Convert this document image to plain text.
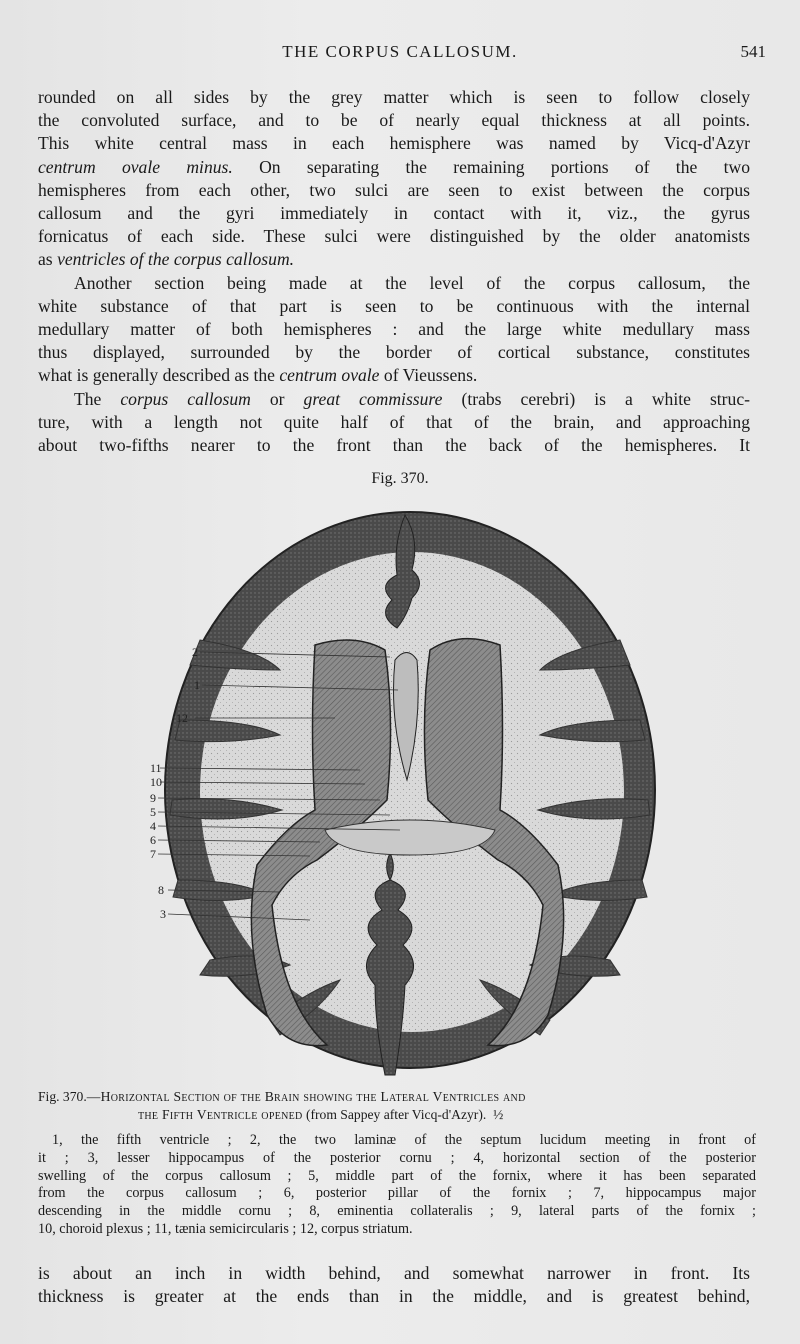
THE CORPUS CALLOSUM.	541

rounded on all sides by the grey matter which is seen to follow closely
the convoluted surface, and to be of nearly equal thickness at all points.
This white central mass in each hemisphere was named by Vicq-d'Azyr
centrum ovale minus. On separating the remaining portions of the two
hemispheres from each other, two sulci are seen to exist between the corpus
callosum and the gyri immediately in contact with it, viz., the gyrus
fornicatus of each side. These sulci were distinguished by the older anatomists
as ventricles of the corpus callosum.

Another section being made at the level of the corpus callosum, the
white substance of that part is seen to be continuous with the internal
medullary matter of both hemispheres : and the large white medullary mass
thus displayed, surrounded by the border of cortical substance, constitutes
what is generally described as the centrum ovale of Vieussens.

The corpus callosum or great commissure (trabs cerebri) is a white struc-
ture, with a length not quite half of that of the brain, and approaching
about two-fifths nearer to the front than the back of the hemispheres. It

Fig. 370.
2
1
12
11
10
9
5
4
6
7
8
3
Fig. 370.—Horizontal Section of the Brain showing the Lateral Ventricles and
the Fifth Ventricle opened (from Sappey after Vicq-d'Azyr). ½
1, the fifth ventricle ; 2, the two laminæ of the septum lucidum meeting in front of
it ; 3, lesser hippocampus of the posterior cornu ; 4, horizontal section of the posterior
swelling of the corpus callosum ; 5, middle part of the fornix, where it has been separated
from the corpus callosum ; 6, posterior pillar of the fornix ; 7, hippocampus major
descending in the middle cornu ; 8, eminentia collateralis ; 9, lateral parts of the fornix ;
10, choroid plexus ; 11, tænia semicircularis ; 12, corpus striatum.
is about an inch in width behind, and somewhat narrower in front. Its
thickness is greater at the ends than in the middle, and is greatest behind,
